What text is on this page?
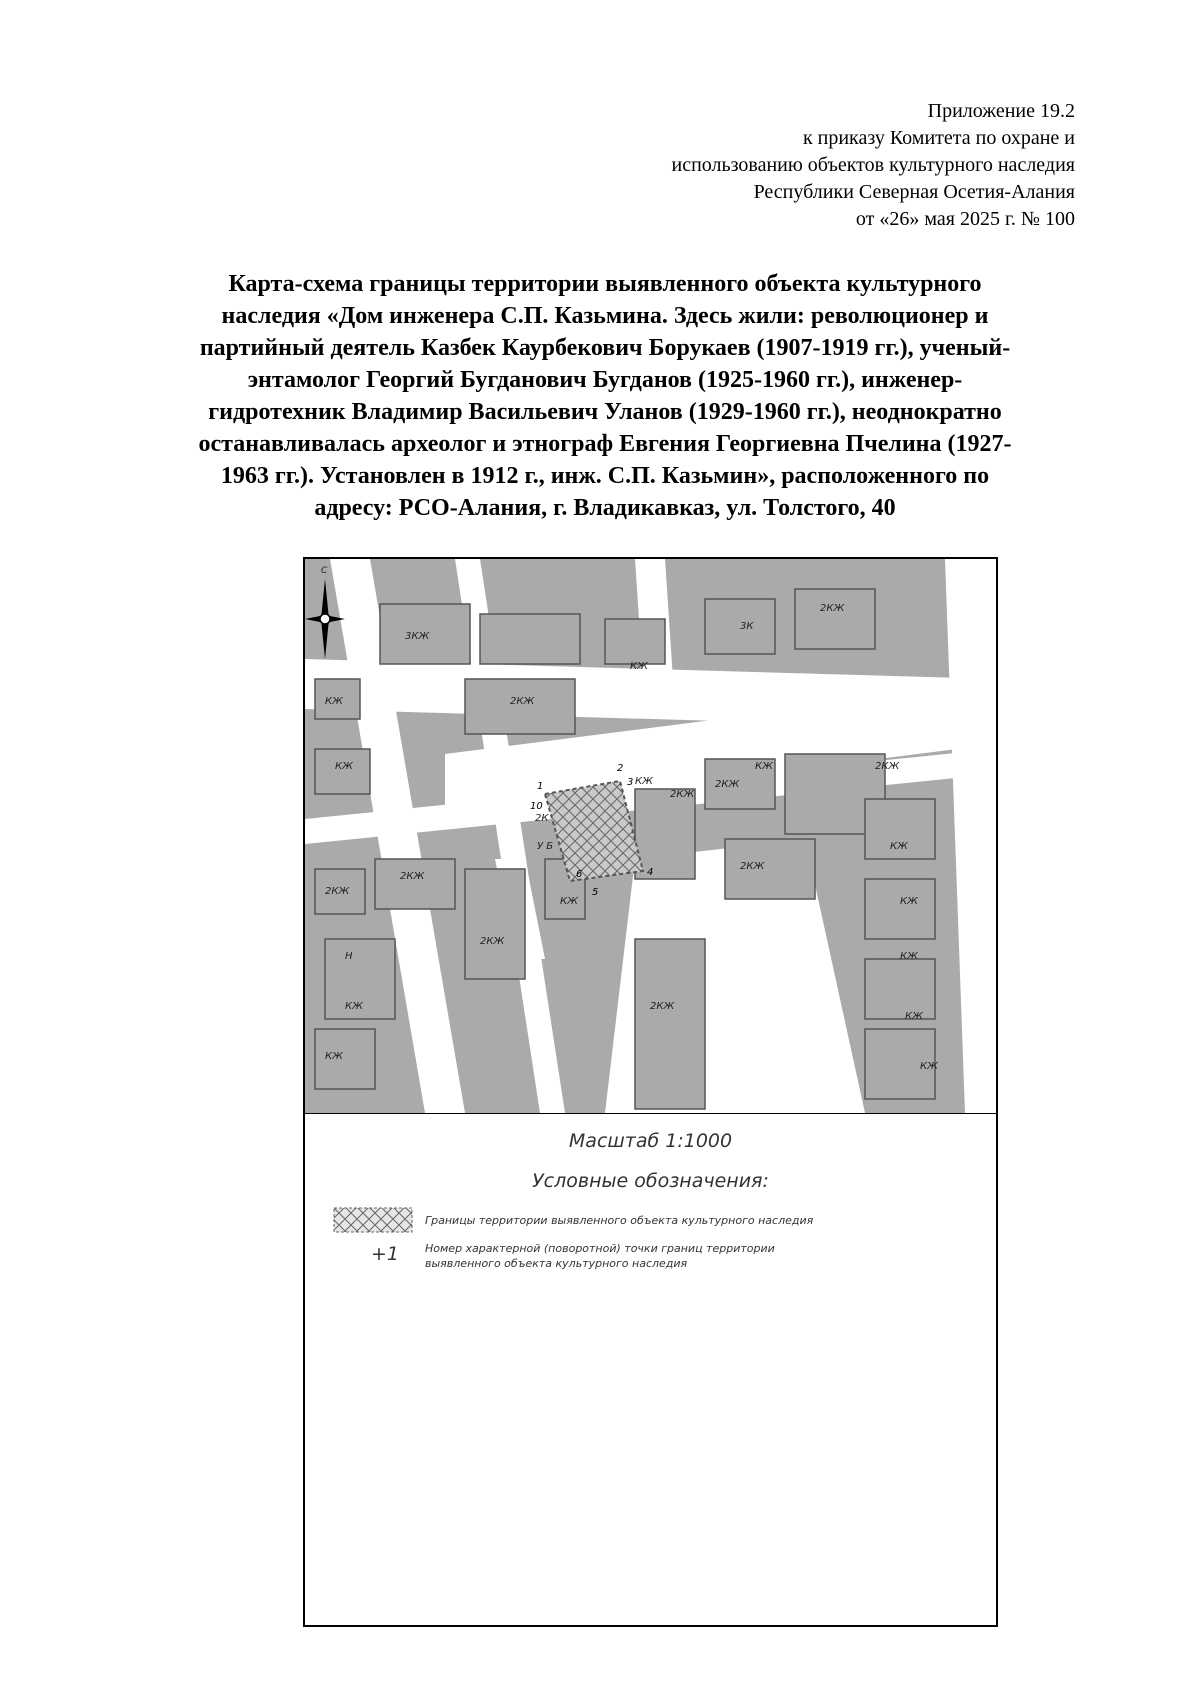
Приложение 19.2
к приказу Комитета по охране и
использованию объектов культурного наследия
Республики Северная Осетия-Алания
от «26» мая 2025 г. № 100
Карта-схема границы территории выявленного объекта культурного
наследия «Дом инженера С.П. Казьмина. Здесь жили: революционер и
партийный деятель Казбек Каурбекович Борукаев (1907-1919 гг.), ученый-
энтамолог Георгий Бугданович Бугданов (1925-1960 гг.), инженер-
гидротехник Владимир Васильевич Уланов (1929-1960 гг.), неоднократно
останавливалась археолог и этнограф Евгения Георгиевна Пчелина (1927-
1963 гг.). Установлен в 1912 г., инж. С.П. Казьмин», расположенного по
адресу: РСО-Алания, г. Владикавказ, ул. Толстого, 40
С
3КЖ
2КЖ
3К
2КЖ
КЖ
КЖ
КЖ
КЖ
КЖ
2КЖ
2КЖ
2КЖ
2КЖ
2КЖ
2КЖ
2КЖ
КЖ
КЖ
КЖ
Н
КЖ
2КЖ
КЖ
КЖ
КЖ
КЖ
2К
У Б
1
2
3
4
5
6
10
Масштаб 1:1000
Условные обозначения:
Границы территории выявленного объекта культурного наследия
+1 Номер характерной (поворотной) точки границ территории выявленного объекта культурного наследия
